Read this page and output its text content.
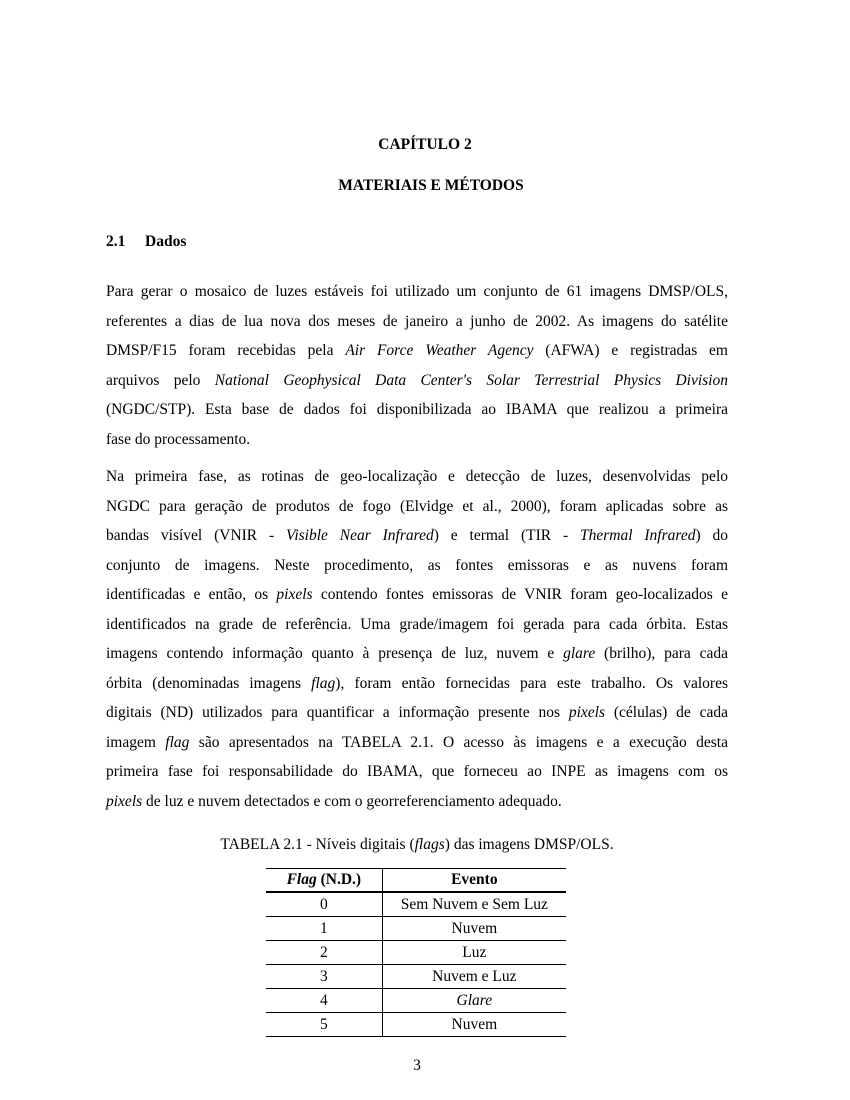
CAPÍTULO 2
MATERIAIS E MÉTODOS
2.1 Dados
Para gerar o mosaico de luzes estáveis foi utilizado um conjunto de 61 imagens DMSP/OLS,
referentes a dias de lua nova dos meses de janeiro a junho de 2002. As imagens do satélite
DMSP/F15 foram recebidas pela Air Force Weather Agency (AFWA) e registradas em
arquivos pelo National Geophysical Data Center's Solar Terrestrial Physics Division
(NGDC/STP). Esta base de dados foi disponibilizada ao IBAMA que realizou a primeira
fase do processamento.
Na primeira fase, as rotinas de geo-localização e detecção de luzes, desenvolvidas pelo
NGDC para geração de produtos de fogo (Elvidge et al., 2000), foram aplicadas sobre as
bandas visível (VNIR - Visible Near Infrared) e termal (TIR - Thermal Infrared) do
conjunto de imagens. Neste procedimento, as fontes emissoras e as nuvens foram
identificadas e então, os pixels contendo fontes emissoras de VNIR foram geo-localizados e
identificados na grade de referência. Uma grade/imagem foi gerada para cada órbita. Estas
imagens contendo informação quanto à presença de luz, nuvem e glare (brilho), para cada
órbita (denominadas imagens flag), foram então fornecidas para este trabalho. Os valores
digitais (ND) utilizados para quantificar a informação presente nos pixels (células) de cada
imagem flag são apresentados na TABELA 2.1. O acesso às imagens e a execução desta
primeira fase foi responsabilidade do IBAMA, que forneceu ao INPE as imagens com os
pixels de luz e nuvem detectados e com o georreferenciamento adequado.
TABELA 2.1 - Níveis digitais (flags) das imagens DMSP/OLS.
Flag (N.D.)	Evento
0	Sem Nuvem e Sem Luz
1	Nuvem
2	Luz
3	Nuvem e Luz
4	Glare
5	Nuvem
3
